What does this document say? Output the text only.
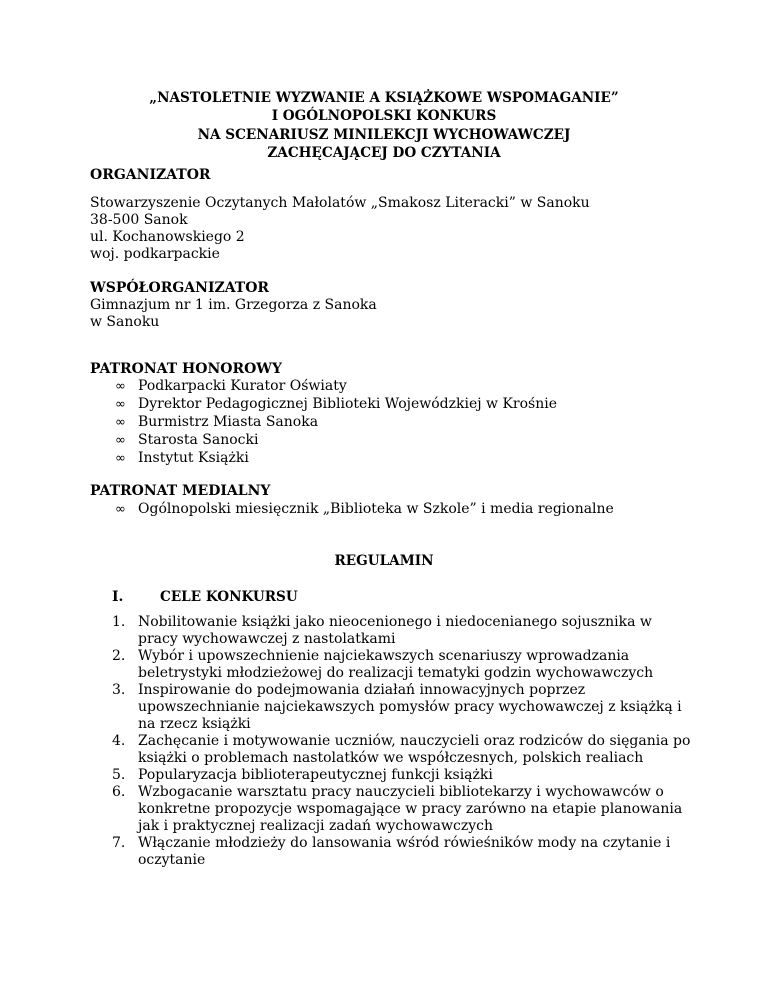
„NASTOLETNIE WYZWANIE A KSIĄŻKOWE WSPOMAGANIE”
I OGÓLNOPOLSKI KONKURS
NA SCENARIUSZ MINILEKCJI WYCHOWAWCZEJ
ZACHĘCAJĄCEJ DO CZYTANIA
ORGANIZATOR
Stowarzyszenie Oczytanych Małolatów „Smakosz Literacki” w Sanoku
38-500 Sanok
ul. Kochanowskiego 2
woj. podkarpackie
WSPÓŁORGANIZATOR
Gimnazjum nr 1 im. Grzegorza z Sanoka
w Sanoku
PATRONAT HONOROWY
∞ Podkarpacki Kurator Oświaty
∞ Dyrektor Pedagogicznej Biblioteki Wojewódzkiej w Krośnie
∞ Burmistrz Miasta Sanoka
∞ Starosta Sanocki
∞ Instytut Książki
PATRONAT MEDIALNY
∞ Ogólnopolski miesięcznik „Biblioteka w Szkole” i media regionalne
REGULAMIN
I.	CELE KONKURSU
1. Nobilitowanie książki jako nieocenionego i niedocenianego sojusznika w pracy wychowawczej z nastolatkami
2. Wybór i upowszechnienie najciekawszych scenariuszy wprowadzania beletrystyki młodzieżowej do realizacji tematyki godzin wychowawczych
3. Inspirowanie do podejmowania działań innowacyjnych poprzez upowszechnianie najciekawszych pomysłów pracy wychowawczej z książką i na rzecz książki
4. Zachęcanie i motywowanie uczniów, nauczycieli oraz rodziców do sięgania po książki o problemach nastolatków we współczesnych, polskich realiach
5. Popularyzacja biblioterapeutycznej funkcji książki
6. Wzbogacanie warsztatu pracy nauczycieli bibliotekarzy i wychowawców o konkretne propozycje wspomagające w pracy zarówno na etapie planowania jak i praktycznej realizacji zadań wychowawczych
7. Włączanie młodzieży do lansowania wśród rówieśników mody na czytanie i oczytanie
